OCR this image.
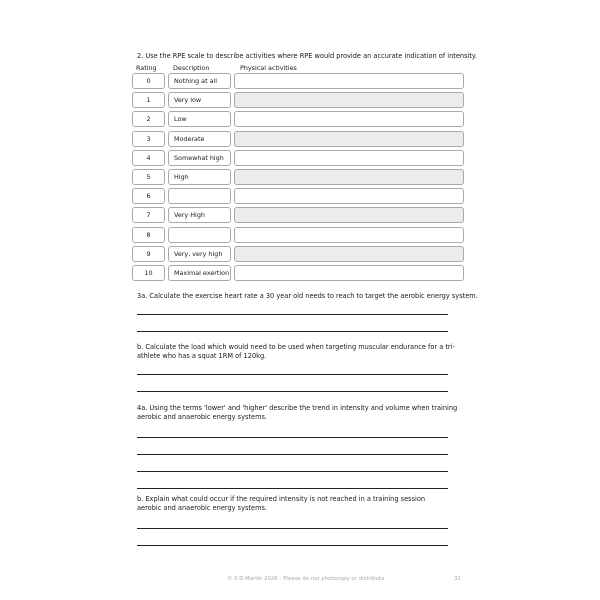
2. Use the RPE scale to describe activities where RPE would provide an accurate indication of intensity.
Rating	Description	Physical activities
0	Nothing at all
1	Very low
2	Low
3	Moderate
4	Somewhat high
5	High
6
7	Very High
8
9	Very, very high
10	Maximal exertion
3a. Calculate the exercise heart rate a 30 year old needs to reach to target the aerobic energy system.
b. Calculate the load which would need to be used when targeting muscular endurance for a tri-
athlete who has a squat 1RM of 120kg.
4a. Using the terms 'lower' and 'higher' describe the trend in intensity and volume when training
aerobic and anaerobic energy systems.
b. Explain what could occur if the required intensity is not reached in a training session
aerobic and anaerobic energy systems.
© S D Martin 2026 - Please do not photocopy or distribute	32
